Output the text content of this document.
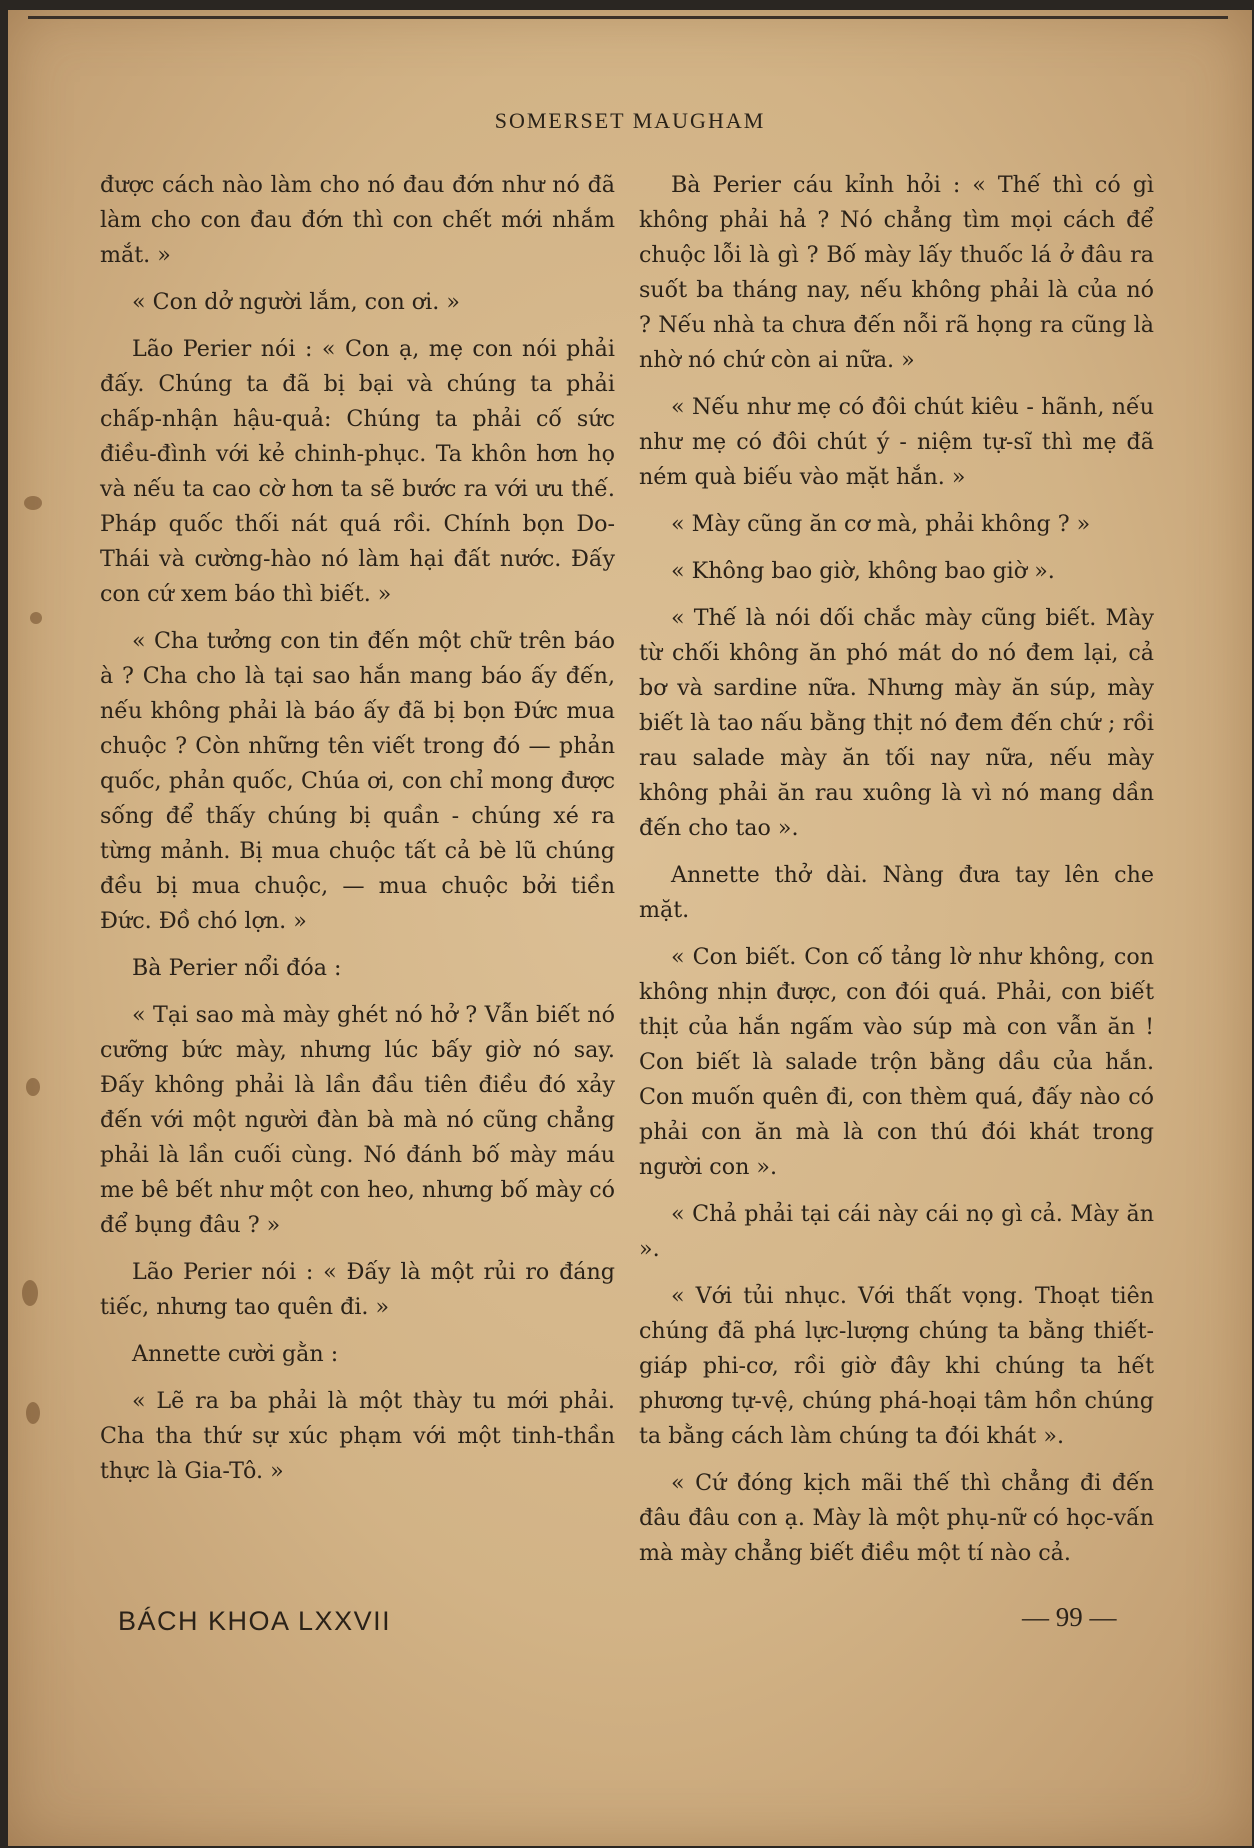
SOMERSET MAUGHAM

được cách nào làm cho nó đau đớn như nó đã làm cho con đau đớn thì con chết mới nhắm mắt. »

« Con dở người lắm, con ơi. »

Lão Perier nói : « Con ạ, mẹ con nói phải đấy. Chúng ta đã bị bại và chúng ta phải chấp-nhận hậu-quả: Chúng ta phải cố sức điều-đình với kẻ chinh-phục. Ta khôn hơn họ và nếu ta cao cờ hơn ta sẽ bước ra với ưu thế. Pháp quốc thối nát quá rồi. Chính bọn Do-Thái và cường-hào nó làm hại đất nước. Đấy con cứ xem báo thì biết. »

« Cha tưởng con tin đến một chữ trên báo à ? Cha cho là tại sao hắn mang báo ấy đến, nếu không phải là báo ấy đã bị bọn Đức mua chuộc ? Còn những tên viết trong đó — phản quốc, phản quốc, Chúa ơi, con chỉ mong được sống để thấy chúng bị quần - chúng xé ra từng mảnh. Bị mua chuộc tất cả bè lũ chúng đều bị mua chuộc, — mua chuộc bởi tiền Đức. Đồ chó lợn. »

Bà Perier nổi đóa :

« Tại sao mà mày ghét nó hở ? Vẫn biết nó cưỡng bức mày, nhưng lúc bấy giờ nó say. Đấy không phải là lần đầu tiên điều đó xảy đến với một người đàn bà mà nó cũng chẳng phải là lần cuối cùng. Nó đánh bố mày máu me bê bết như một con heo, nhưng bố mày có để bụng đâu ? »

Lão Perier nói : « Đấy là một rủi ro đáng tiếc, nhưng tao quên đi. »

Annette cười gằn :

« Lẽ ra ba phải là một thày tu mới phải. Cha tha thứ sự xúc phạm với một tinh-thần thực là Gia-Tô. »

Bà Perier cáu kỉnh hỏi : « Thế thì có gì không phải hả ? Nó chẳng tìm mọi cách để chuộc lỗi là gì ? Bố mày lấy thuốc lá ở đâu ra suốt ba tháng nay, nếu không phải là của nó ? Nếu nhà ta chưa đến nỗi rã họng ra cũng là nhờ nó chứ còn ai nữa. »

« Nếu như mẹ có đôi chút kiêu - hãnh, nếu như mẹ có đôi chút ý - niệm tự-sĩ thì mẹ đã ném quà biếu vào mặt hắn. »

« Mày cũng ăn cơ mà, phải không ? »

« Không bao giờ, không bao giờ ».

« Thế là nói dối chắc mày cũng biết. Mày từ chối không ăn phó mát do nó đem lại, cả bơ và sardine nữa. Nhưng mày ăn súp, mày biết là tao nấu bằng thịt nó đem đến chứ ; rồi rau salade mày ăn tối nay nữa, nếu mày không phải ăn rau xuông là vì nó mang dần đến cho tao ».

Annette thở dài. Nàng đưa tay lên che mặt.

« Con biết. Con cố tảng lờ như không, con không nhịn được, con đói quá. Phải, con biết thịt của hắn ngấm vào súp mà con vẫn ăn ! Con biết là salade trộn bằng dầu của hắn. Con muốn quên đi, con thèm quá, đấy nào có phải con ăn mà là con thú đói khát trong người con ».

« Chả phải tại cái này cái nọ gì cả. Mày ăn ».

« Với tủi nhục. Với thất vọng. Thoạt tiên chúng đã phá lực-lượng chúng ta bằng thiết-giáp phi-cơ, rồi giờ đây khi chúng ta hết phương tự-vệ, chúng phá-hoại tâm hồn chúng ta bằng cách làm chúng ta đói khát ».

« Cứ đóng kịch mãi thế thì chẳng đi đến đâu đâu con ạ. Mày là một phụ-nữ có học-vấn mà mày chẳng biết điều một tí nào cả.

BÁCH KHOA LXXVII	— 99 —
